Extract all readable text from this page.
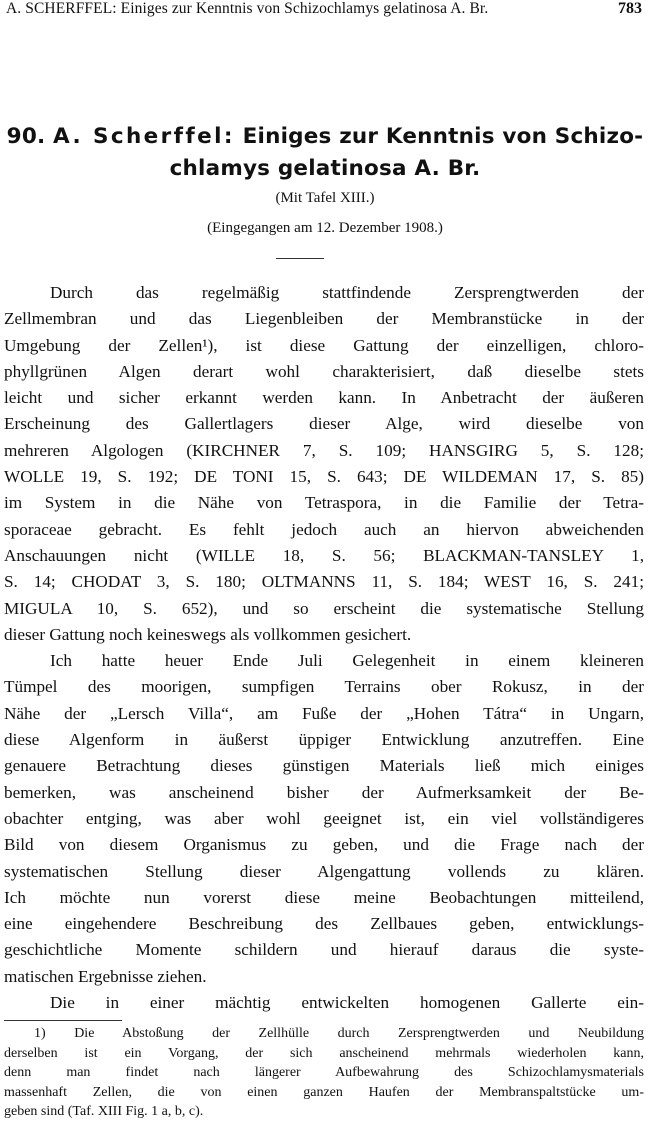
A. SCHERFFEL: Einiges zur Kenntnis von Schizochlamys gelatinosa A. Br.	783
90. A. Scherffel: Einiges zur Kenntnis von Schizo-
chlamys gelatinosa A. Br.
(Mit Tafel XIII.)
(Eingegangen am 12. Dezember 1908.)
Durch das regelmäßig stattfindende Zersprengtwerden der
Zellmembran und das Liegenbleiben der Membranstücke in der
Umgebung der Zellen¹), ist diese Gattung der einzelligen, chloro-
phyllgrünen Algen derart wohl charakterisiert, daß dieselbe stets
leicht und sicher erkannt werden kann. In Anbetracht der äußeren
Erscheinung des Gallertlagers dieser Alge, wird dieselbe von
mehreren Algologen (KIRCHNER 7, S. 109; HANSGIRG 5, S. 128;
WOLLE 19, S. 192; DE TONI 15, S. 643; DE WILDEMAN 17, S. 85)
im System in die Nähe von Tetraspora, in die Familie der Tetra-
sporaceae gebracht. Es fehlt jedoch auch an hiervon abweichenden
Anschauungen nicht (WILLE 18, S. 56; BLACKMAN-TANSLEY 1,
S. 14; CHODAT 3, S. 180; OLTMANNS 11, S. 184; WEST 16, S. 241;
MIGULA 10, S. 652), und so erscheint die systematische Stellung
dieser Gattung noch keineswegs als vollkommen gesichert.
Ich hatte heuer Ende Juli Gelegenheit in einem kleineren
Tümpel des moorigen, sumpfigen Terrains ober Rokusz, in der
Nähe der „Lersch Villa“, am Fuße der „Hohen Tátra“ in Ungarn,
diese Algenform in äußerst üppiger Entwicklung anzutreffen. Eine
genauere Betrachtung dieses günstigen Materials ließ mich einiges
bemerken, was anscheinend bisher der Aufmerksamkeit der Be-
obachter entging, was aber wohl geeignet ist, ein viel vollständigeres
Bild von diesem Organismus zu geben, und die Frage nach der
systematischen Stellung dieser Algengattung vollends zu klären.
Ich möchte nun vorerst diese meine Beobachtungen mitteilend,
eine eingehendere Beschreibung des Zellbaues geben, entwicklungs-
geschichtliche Momente schildern und hierauf daraus die syste-
matischen Ergebnisse ziehen.
Die in einer mächtig entwickelten homogenen Gallerte ein-
1) Die Abstoßung der Zellhülle durch Zersprengtwerden und Neubildung
derselben ist ein Vorgang, der sich anscheinend mehrmals wiederholen kann,
denn man findet nach längerer Aufbewahrung des Schizochlamysmaterials
massenhaft Zellen, die von einen ganzen Haufen der Membranspaltstücke um-
geben sind (Taf. XIII Fig. 1 a, b, c).
